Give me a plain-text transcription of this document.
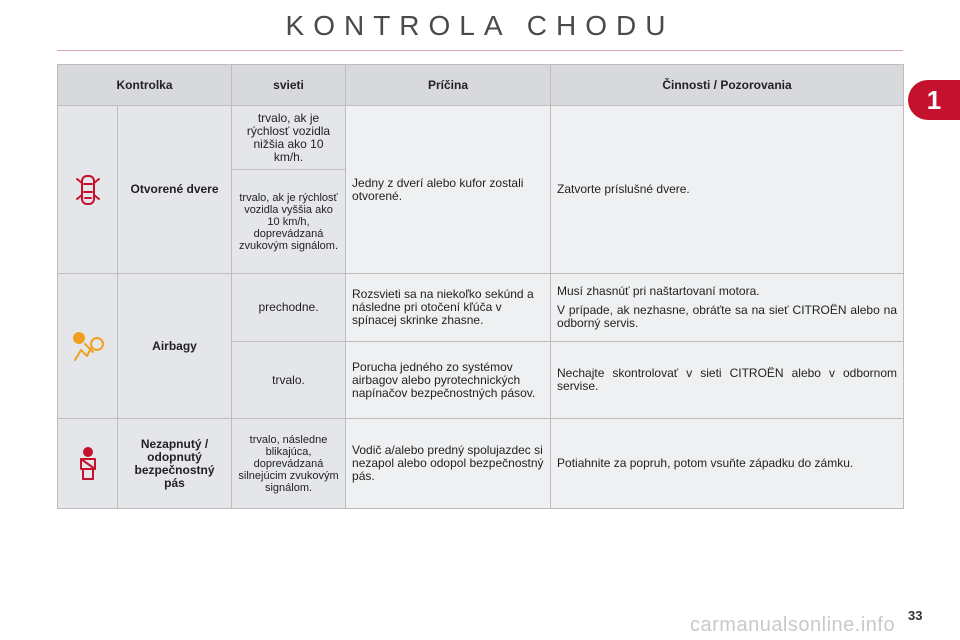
KONTROLA CHODU
1
Kontrolka		svieti	Príčina	Činnosti / Pozorovania
	Otvorené dvere	trvalo, ak je rýchlosť vozidla nižšia ako 10 km/h.	Jedny z dverí alebo kufor zostali otvorené.	Zatvorte príslušné dvere.
		trvalo, ak je rýchlosť vozidla vyššia ako 10 km/h, doprevádzaná zvukovým signálom.		
	Airbagy	prechodne.	Rozsvieti sa na niekoľko sekúnd a následne pri otočení kľúča v spínacej skrinke zhasne.	Musí zhasnúť pri naštartovaní motora.
V prípade, ak nezhasne, obráťte sa na sieť CITROËN alebo na odborný servis.

		trvalo.	Porucha jedného zo systémov airbagov alebo pyrotechnických napínačov bezpečnostných pásov.	Nechajte skontrolovať v sieti CITROËN alebo v odbornom servise.
	Nezapnutý / odopnutý bezpečnostný pás	trvalo, následne blikajúca, doprevádzaná silnejúcim zvukovým signálom.	Vodič a/alebo predný spolujazdec si nezapol alebo odopol bezpečnostný pás.	Potiahnite za popruh, potom vsuňte západku do zámku.
carmanualsonline.info 33
